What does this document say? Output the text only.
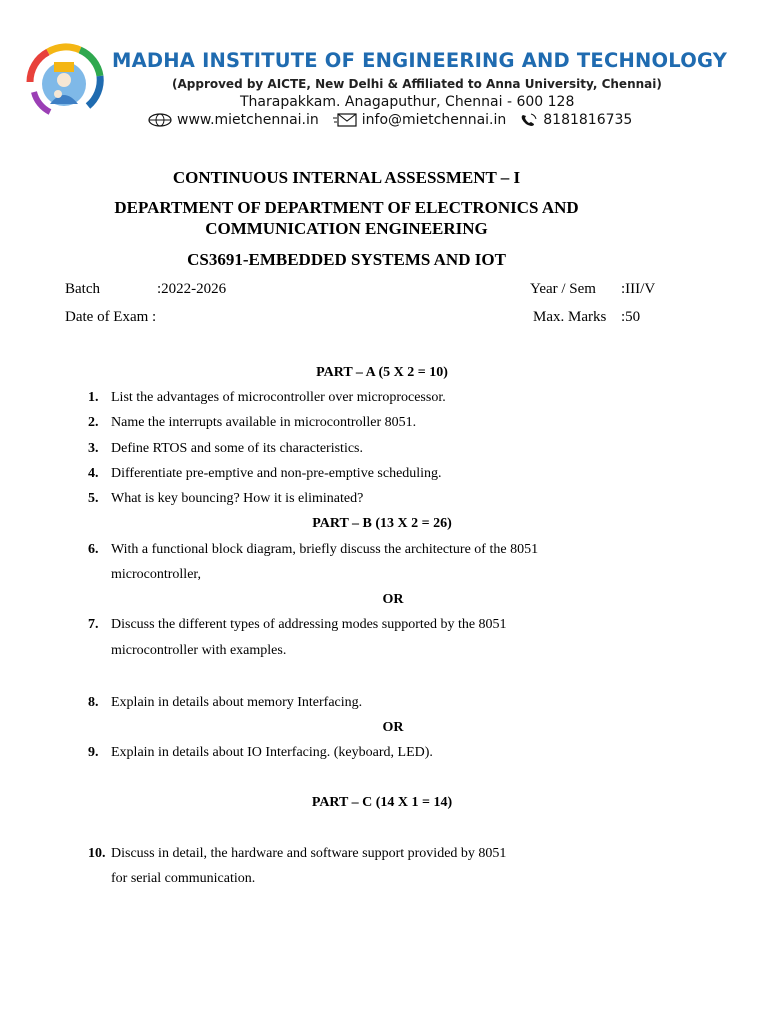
MADHA INSTITUTE OF ENGINEERING AND TECHNOLOGY
(Approved by AICTE, New Delhi & Affiliated to Anna University, Chennai)
Tharapakkam. Anagaputhur, Chennai - 600 128
www.mietchennai.in	info@mietchennai.in	8181816735
CONTINUOUS INTERNAL ASSESSMENT – I
DEPARTMENT OF DEPARTMENT OF ELECTRONICS AND
COMMUNICATION ENGINEERING
CS3691-EMBEDDED SYSTEMS AND IOT
Batch	:2022-2026	Year / Sem :III/V
Date of Exam :	Max. Marks :50
PART – A (5 X 2 = 10)
1. List the advantages of microcontroller over microprocessor.
2. Name the interrupts available in microcontroller 8051.
3. Define RTOS and some of its characteristics.
4. Differentiate pre-emptive and non-pre-emptive scheduling.
5. What is key bouncing? How it is eliminated?
PART – B (13 X 2 = 26)
6. With a functional block diagram, briefly discuss the architecture of the 8051
microcontroller,
OR
7. Discuss the different types of addressing modes supported by the 8051
microcontroller with examples.
8. Explain in details about memory Interfacing.
OR
9. Explain in details about IO Interfacing. (keyboard, LED).
PART – C (14 X 1 = 14)
10. Discuss in detail, the hardware and software support provided by 8051
for serial communication.
